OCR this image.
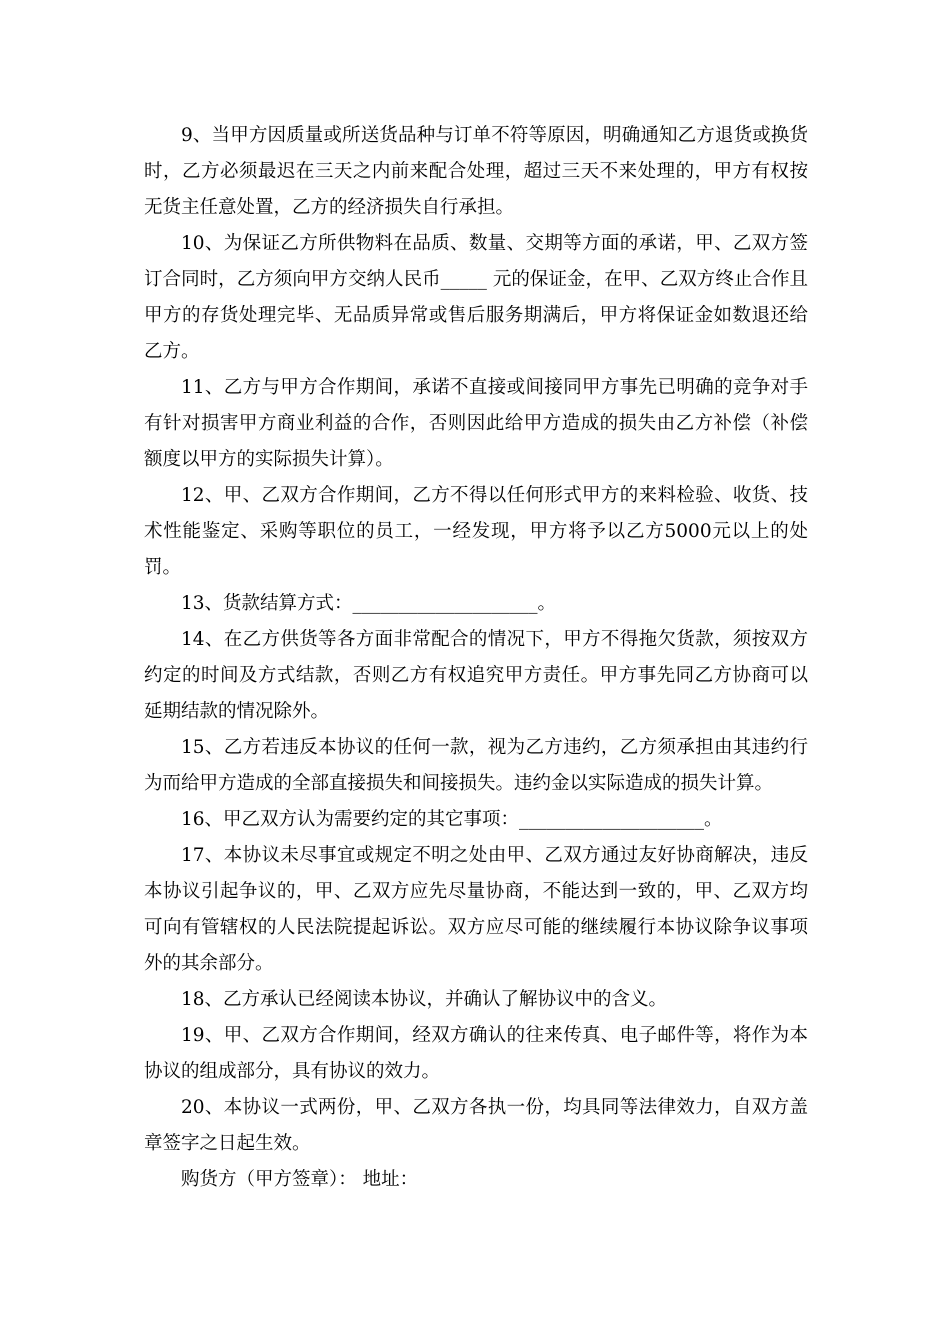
9、当甲方因质量或所送货品种与订单不符等原因，明确通知乙方退货或换货时，乙方必须最迟在三天之内前来配合处理，超过三天不来处理的，甲方有权按无货主任意处置，乙方的经济损失自行承担。

10、为保证乙方所供物料在品质、数量、交期等方面的承诺，甲、乙双方签订合同时，乙方须向甲方交纳人民币_____ 元的保证金，在甲、乙双方终止合作且甲方的存货处理完毕、无品质异常或售后服务期满后，甲方将保证金如数退还给乙方。

11、乙方与甲方合作期间，承诺不直接或间接同甲方事先已明确的竞争对手有针对损害甲方商业利益的合作，否则因此给甲方造成的损失由乙方补偿（补偿额度以甲方的实际损失计算）。

12、甲、乙双方合作期间，乙方不得以任何形式甲方的来料检验、收货、技术性能鉴定、采购等职位的员工，一经发现，甲方将予以乙方5000元以上的处罚。

13、货款结算方式：____________________。

14、在乙方供货等各方面非常配合的情况下，甲方不得拖欠货款，须按双方约定的时间及方式结款，否则乙方有权追究甲方责任。甲方事先同乙方协商可以延期结款的情况除外。

15、乙方若违反本协议的任何一款，视为乙方违约，乙方须承担由其违约行为而给甲方造成的全部直接损失和间接损失。违约金以实际造成的损失计算。

16、甲乙双方认为需要约定的其它事项：____________________。

17、本协议未尽事宜或规定不明之处由甲、乙双方通过友好协商解决，违反本协议引起争议的，甲、乙双方应先尽量协商，不能达到一致的，甲、乙双方均可向有管辖权的人民法院提起诉讼。双方应尽可能的继续履行本协议除争议事项外的其余部分。

18、乙方承认已经阅读本协议，并确认了解协议中的含义。

19、甲、乙双方合作期间，经双方确认的往来传真、电子邮件等，将作为本协议的组成部分，具有协议的效力。

20、本协议一式两份，甲、乙双方各执一份，均具同等法律效力，自双方盖章签字之日起生效。

购货方（甲方签章）： 地址：
